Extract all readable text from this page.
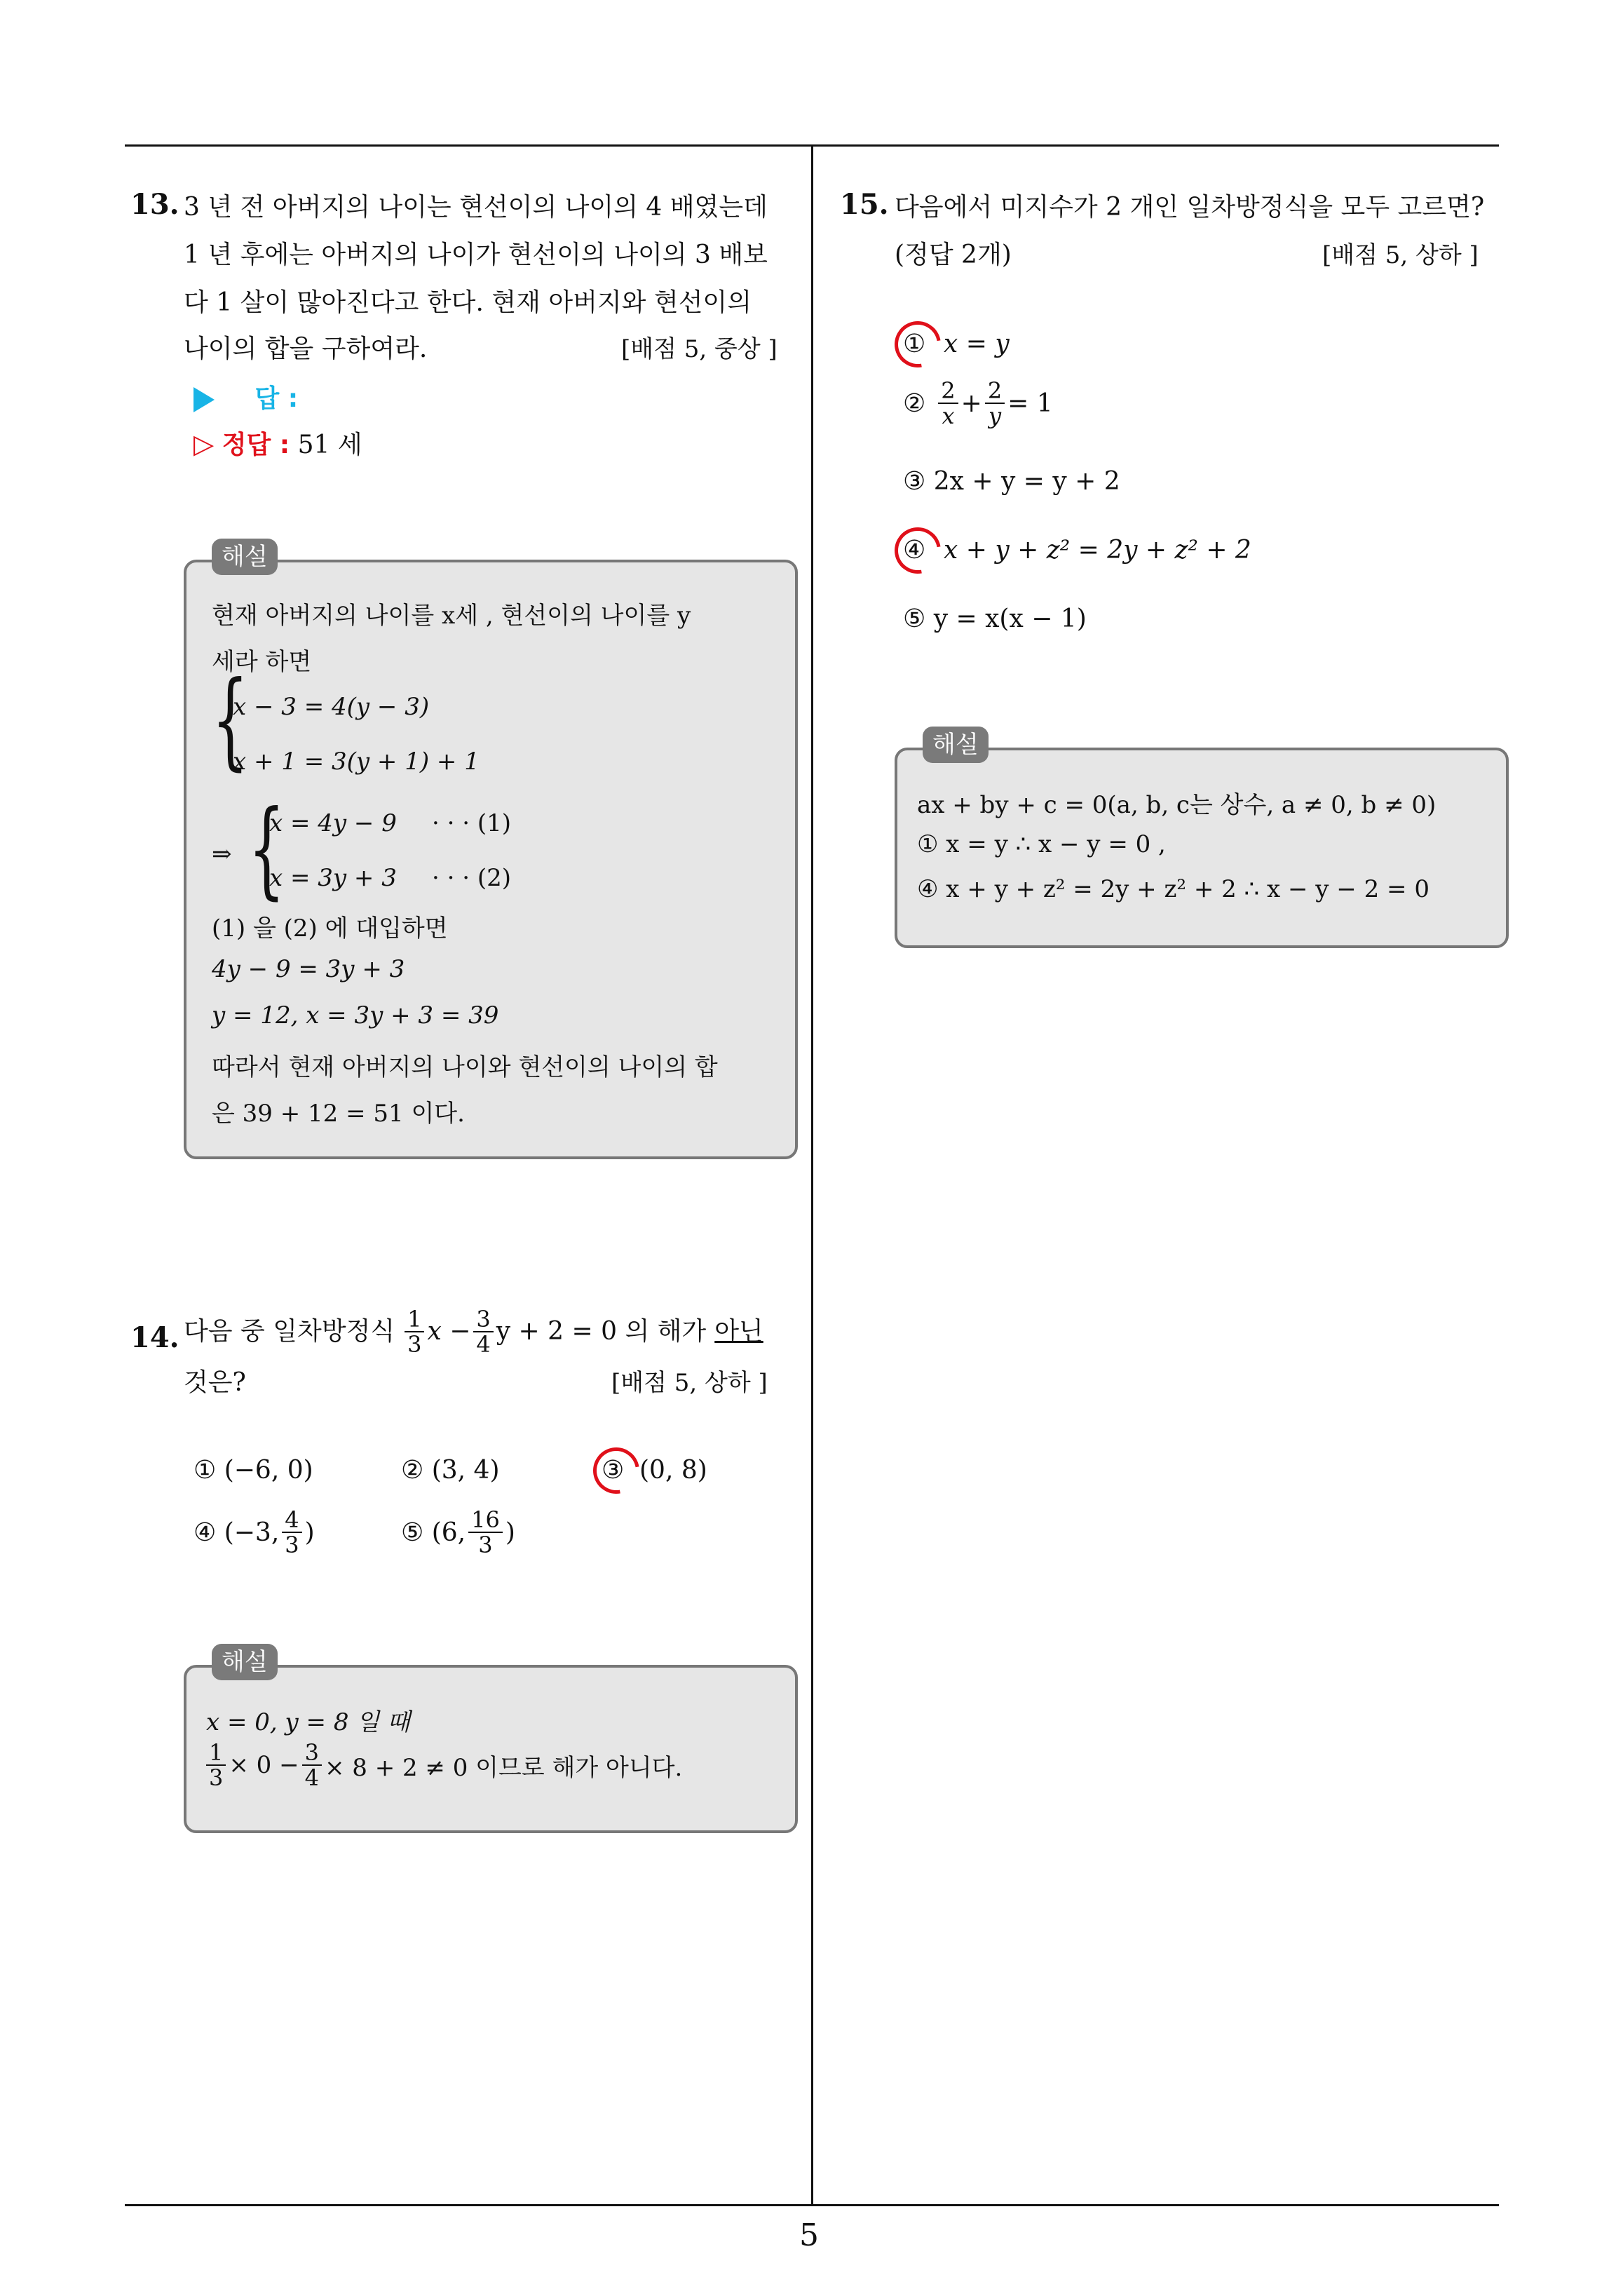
5
13. 3 년 전 아버지의 나이는 현선이의 나이의 4 배였는데
1 년 후에는 아버지의 나이가 현선이의 나이의 3 배보
다 1 살이 많아진다고 한다. 현재 아버지와 현선이의
나이의 합을 구하여라.	[배점 5, 중상 ]
답 :
▷ 정답 : 51 세
해설
현재 아버지의 나이를 x세 , 현선이의 나이를 y
세라 하면
{
x − 3 = 4(y − 3)
x + 1 = 3(y + 1) + 1
⇒ {
x = 4y − 9 · · · (1)
x = 3y + 3 · · · (2)
(1) 을 (2) 에 대입하면
4y − 9 = 3y + 3
y = 12, x = 3y + 3 = 39
따라서 현재 아버지의 나이와 현선이의 나이의 합
은 39 + 12 = 51 이다.
14. 다음 중 일차방정식 $\frac{1}{3}$ $x - \frac{3}{4}$ y + 2 = 0 의 해가 아닌
것은?	[배점 5, 상하 ]
① (−6, 0)	② (3, 4)	③ (0, 8)
④ (−3, $\frac{4}{3}$ )	⑤ (6, $\frac{16}{3}$ )
해설
x = 0, y = 8 일 때
$\frac{1}{3} \times 0 - \frac{3}{4} \times 8 + 2 \ne 0$ 이므로 해가 아니다.
15. 다음에서 미지수가 2 개인 일차방정식을 모두 고르면?
(정답 2개)	[배점 5, 상하 ]
① x = y
② $\frac{2}{x} + \frac{2}{y} = 1$
③ 2x + y = y + 2
④ x + y + z² = 2y + z² + 2
⑤ y = x(x − 1)
해설
ax + by + c = 0(a, b, c는 상수, a ≠ 0, b ≠ 0)
① x = y ∴ x − y = 0 ,
④ x + y + z² = 2y + z² + 2 ∴ x − y − 2 = 0
